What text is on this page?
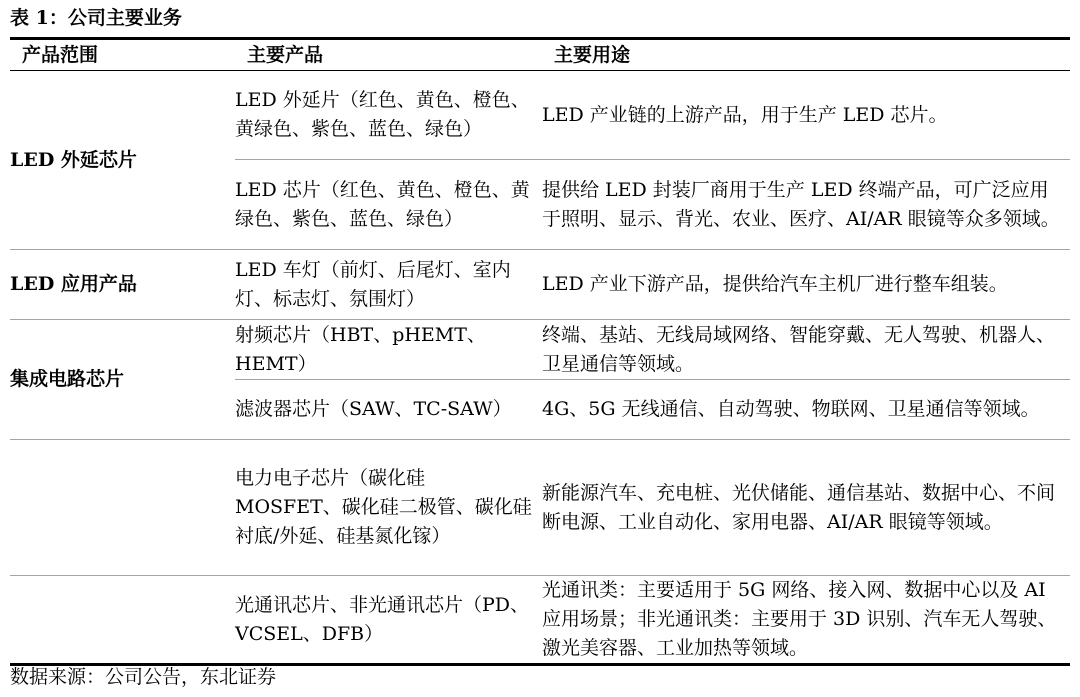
表 1：公司主要业务
产品范围	主要产品	主要用途
LED 外延芯片	LED 外延片（红色、黄色、橙色、黄绿色、紫色、蓝色、绿色）	LED 产业链的上游产品，用于生产 LED 芯片。
	LED 芯片（红色、黄色、橙色、黄绿色、紫色、蓝色、绿色）	提供给 LED 封装厂商用于生产 LED 终端产品，可广泛应用于照明、显示、背光、农业、医疗、AI/AR 眼镜等众多领域。
LED 应用产品	LED 车灯（前灯、后尾灯、室内灯、标志灯、氛围灯）	LED 产业下游产品，提供给汽车主机厂进行整车组装。
集成电路芯片	射频芯片（HBT、pHEMT、HEMT）	终端、基站、无线局域网络、智能穿戴、无人驾驶、机器人、卫星通信等领域。
	滤波器芯片（SAW、TC-SAW）	4G、5G 无线通信、自动驾驶、物联网、卫星通信等领域。
	电力电子芯片（碳化硅 MOSFET、碳化硅二极管、碳化硅衬底/外延、硅基氮化镓）	新能源汽车、充电桩、光伏储能、通信基站、数据中心、不间断电源、工业自动化、家用电器、AI/AR 眼镜等领域。
	光通讯芯片、非光通讯芯片（PD、VCSEL、DFB）	光通讯类：主要适用于 5G 网络、接入网、数据中心以及 AI 应用场景；非光通讯类：主要用于 3D 识别、汽车无人驾驶、激光美容器、工业加热等领域。
数据来源：公司公告，东北证券
